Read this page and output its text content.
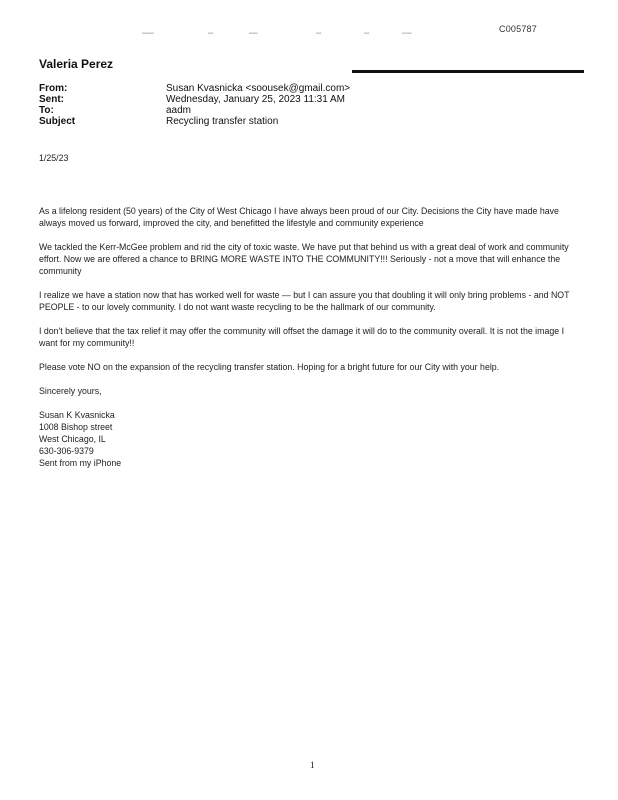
▪▪▪▪▪▪▪▪▪▪▪	▪▪▪▪▪	▪▪▪▪▪▪▪▪	▪▪▪▪▪	▪▪▪▪▪	▪▪▪▪▪▪▪▪▪	C005787
Valeria Perez
From:	Susan Kvasnicka <soousek@gmail.com>
Sent:	Wednesday, January 25, 2023 11:31 AM
To:	aadm
Subject	Recycling transfer station

1/25/23

As a lifelong resident (50 years) of the City of West Chicago I have always been proud of our City. Decisions the City have made have always moved us forward, improved the city, and benefitted the lifestyle and community experience

We tackled the Kerr-McGee problem and rid the city of toxic waste. We have put that behind us with a great deal of work and community effort. Now we are offered a chance to BRING MORE WASTE INTO THE COMMUNITY!!! Seriously - not a move that will enhance the community

I realize we have a station now that has worked well for waste — but I can assure you that doubling it will only bring problems - and NOT PEOPLE - to our lovely community. I do not want waste recycling to be the hallmark of our community.

I don't believe that the tax relief it may offer the community will offset the damage it will do to the community overall. It is not the image I want for my community!!

Please vote NO on the expansion of the recycling transfer station. Hoping for a bright future for our City with your help.

Sincerely yours,

Susan K Kvasnicka

1008 Bishop street

West Chicago, IL

630-306-9379

Sent from my iPhone

1
